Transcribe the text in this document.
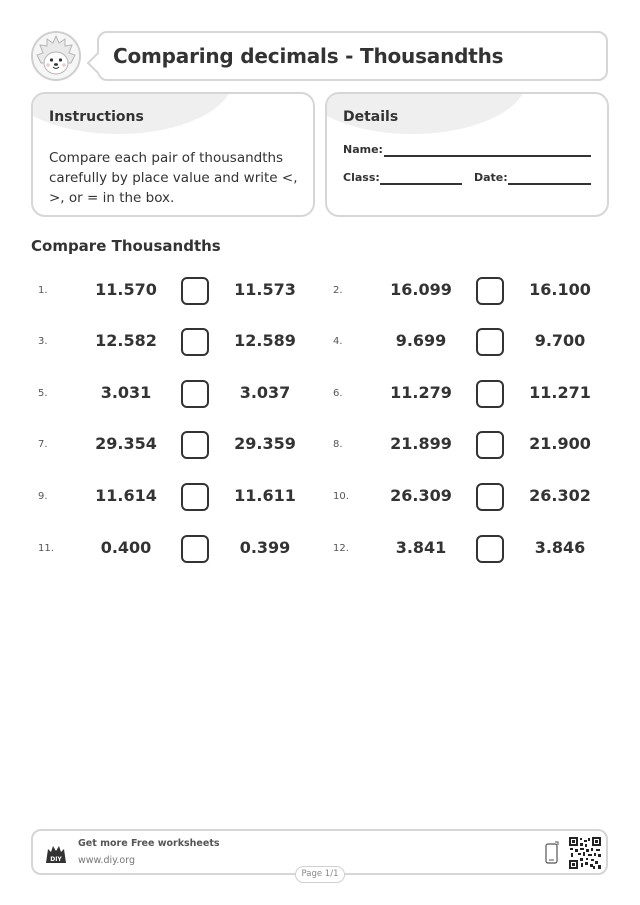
Comparing decimals - Thousandths
Instructions
Compare each pair of thousandths carefully by place value and write <, >, or = in the box.
Details
Name:
Class:	Date:
Compare Thousandths
1.	11.570	11.573	2.	16.099	16.100
3.	12.582	12.589	4.	9.699	9.700
5.	3.031	3.037	6.	11.279	11.271
7.	29.354	29.359	8.	21.899	21.900
9.	11.614	11.611	10.	26.309	26.302
11.	0.400	0.399	12.	3.841	3.846
DIY
Get more Free worksheets
www.diy.org
Page 1/1
